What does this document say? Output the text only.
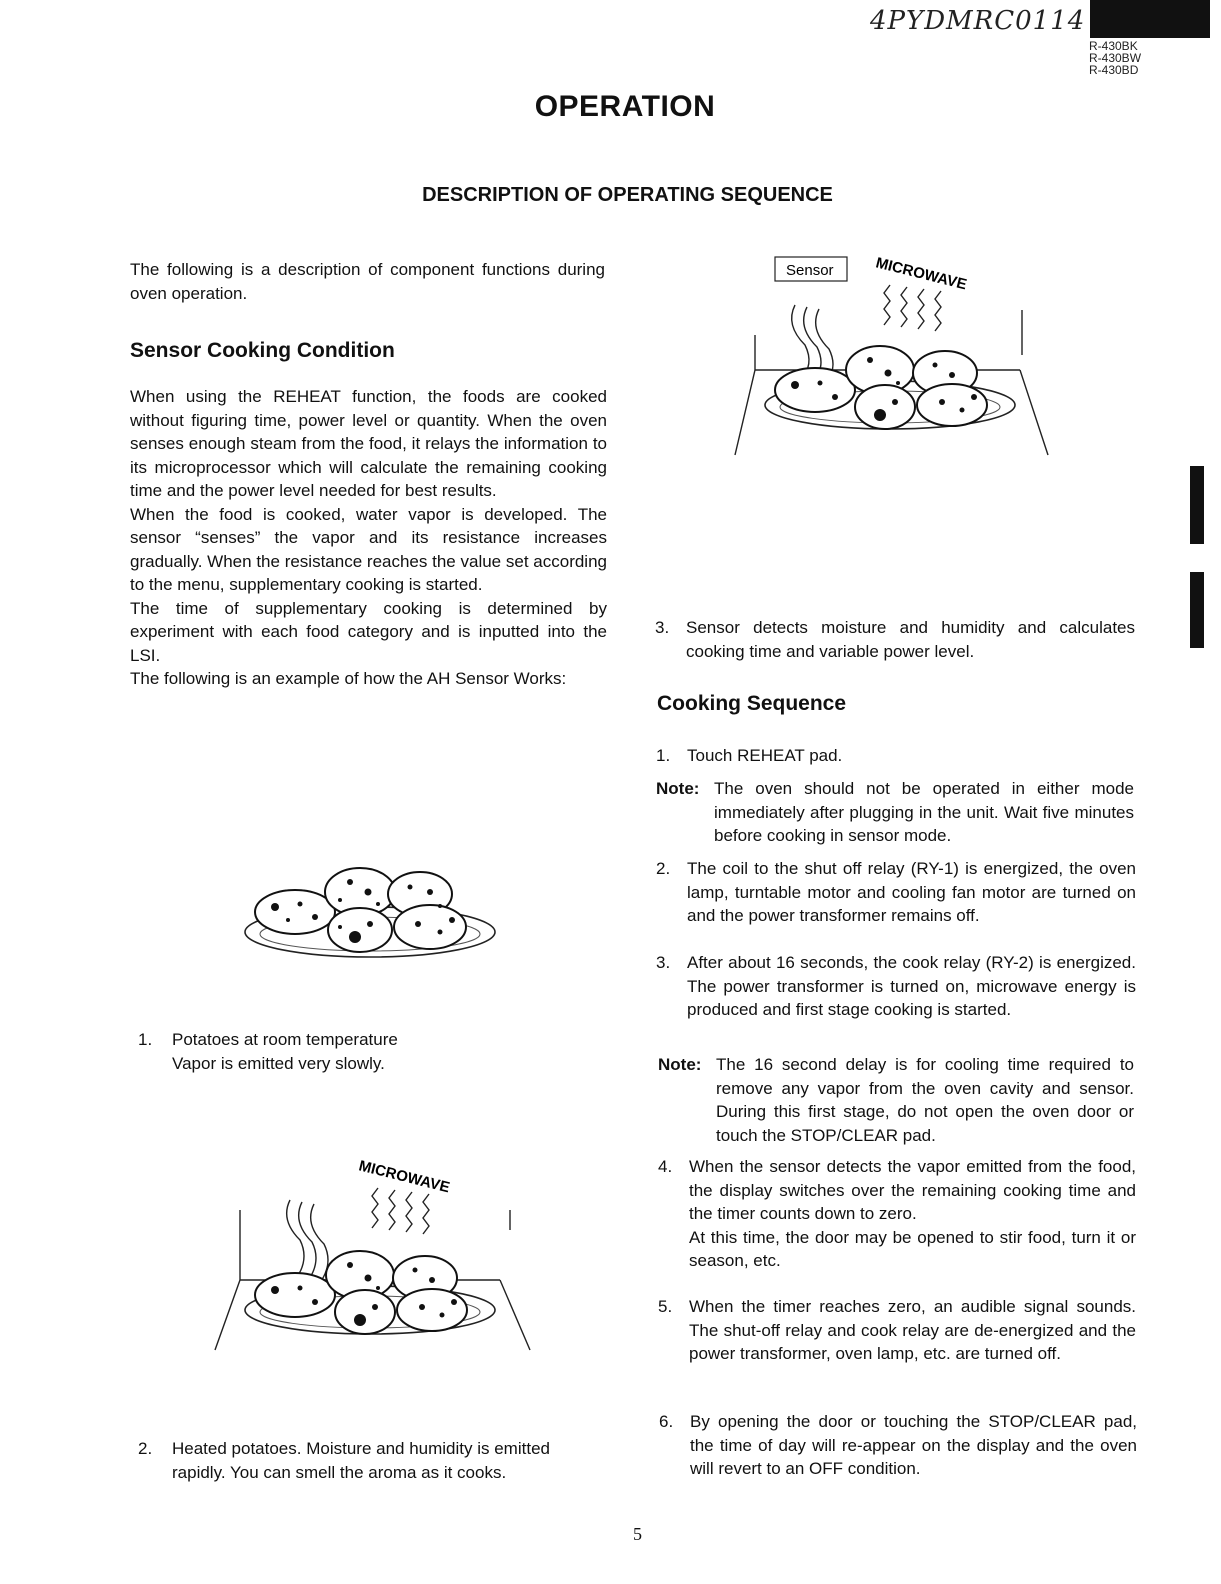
4PYDMRC0114
R-430BK
R-430BW
R-430BD
OPERATION
DESCRIPTION OF OPERATING SEQUENCE
The following is a description of component functions during oven operation.
Sensor Cooking Condition
When using the REHEAT function, the foods are cooked without figuring time, power level or quantity. When the oven senses enough steam from the food, it relays the information to its microprocessor which will calculate the remaining cooking time and the power level needed for best results.
When the food is cooked, water vapor is developed. The sensor “senses” the vapor and its resistance increases gradually. When the resistance reaches the value set according to the menu, supplementary cooking is started.
The time of supplementary cooking is determined by experiment with each food category and is inputted into the LSI.
The following is an example of how the AH Sensor Works:
1. Potatoes at room temperature
Vapor is emitted very slowly.
MICROWAVE
2. Heated potatoes. Moisture and humidity is emitted
rapidly. You can smell the aroma as it cooks.
Sensor	MICROWAVE
3. Sensor detects moisture and humidity and calculates cooking time and variable power level.
Cooking Sequence
1. Touch REHEAT pad.
Note: The oven should not be operated in either mode immediately after plugging in the unit. Wait five minutes before cooking in sensor mode.
2. The coil to the shut off relay (RY-1) is energized, the oven lamp, turntable motor and cooling fan motor are turned on and the power transformer remains off.
3. After about 16 seconds, the cook relay (RY-2) is energized. The power transformer is turned on, microwave energy is produced and first stage cooking is started.
Note: The 16 second delay is for cooling time required to remove any vapor from the oven cavity and sensor. During this first stage, do not open the oven door or touch the STOP/CLEAR pad.
4. When the sensor detects the vapor emitted from the food, the display switches over the remaining cooking time and the timer counts down to zero.
At this time, the door may be opened to stir food, turn it or season, etc.
5. When the timer reaches zero, an audible signal sounds. The shut-off relay and cook relay are de-energized and the power transformer, oven lamp, etc. are turned off.
6. By opening the door or touching the STOP/CLEAR pad, the time of day will re-appear on the display and the oven will revert to an OFF condition.
5
